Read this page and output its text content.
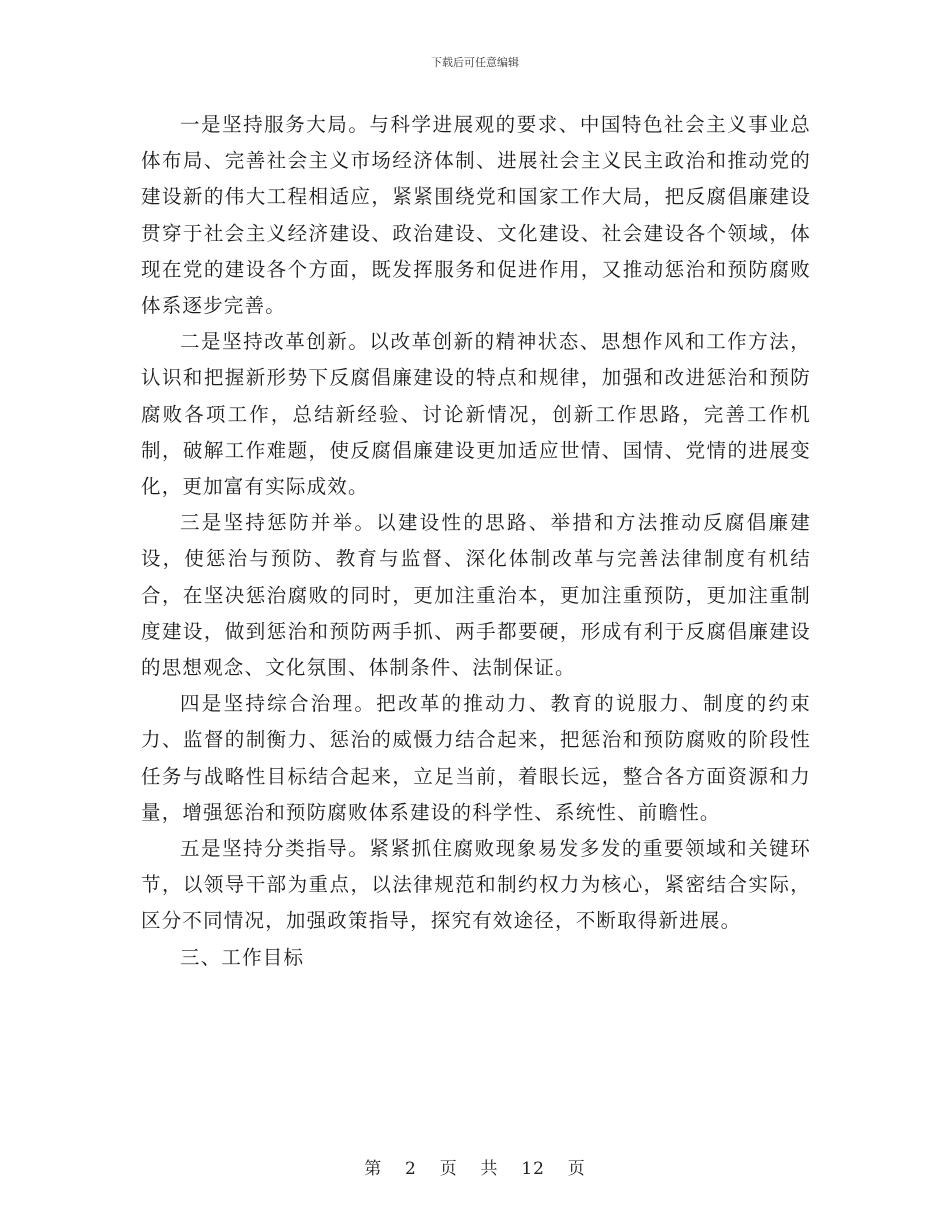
下载后可任意编辑

一是坚持服务大局。与科学进展观的要求、中国特色社会主义事业总体布局、完善社会主义市场经济体制、进展社会主义民主政治和推动党的建设新的伟大工程相适应，紧紧围绕党和国家工作大局，把反腐倡廉建设贯穿于社会主义经济建设、政治建设、文化建设、社会建设各个领域，体现在党的建设各个方面，既发挥服务和促进作用，又推动惩治和预防腐败体系逐步完善。

二是坚持改革创新。以改革创新的精神状态、思想作风和工作方法，认识和把握新形势下反腐倡廉建设的特点和规律，加强和改进惩治和预防腐败各项工作，总结新经验、讨论新情况，创新工作思路，完善工作机制，破解工作难题，使反腐倡廉建设更加适应世情、国情、党情的进展变化，更加富有实际成效。

三是坚持惩防并举。以建设性的思路、举措和方法推动反腐倡廉建设，使惩治与预防、教育与监督、深化体制改革与完善法律制度有机结合，在坚决惩治腐败的同时，更加注重治本，更加注重预防，更加注重制度建设，做到惩治和预防两手抓、两手都要硬，形成有利于反腐倡廉建设的思想观念、文化氛围、体制条件、法制保证。

四是坚持综合治理。把改革的推动力、教育的说服力、制度的约束力、监督的制衡力、惩治的威慑力结合起来，把惩治和预防腐败的阶段性任务与战略性目标结合起来，立足当前，着眼长远，整合各方面资源和力量，增强惩治和预防腐败体系建设的科学性、系统性、前瞻性。

五是坚持分类指导。紧紧抓住腐败现象易发多发的重要领域和关键环节，以领导干部为重点，以法律规范和制约权力为核心，紧密结合实际，区分不同情况，加强政策指导，探究有效途径，不断取得新进展。

三、工作目标

第 2 页 共 12 页
